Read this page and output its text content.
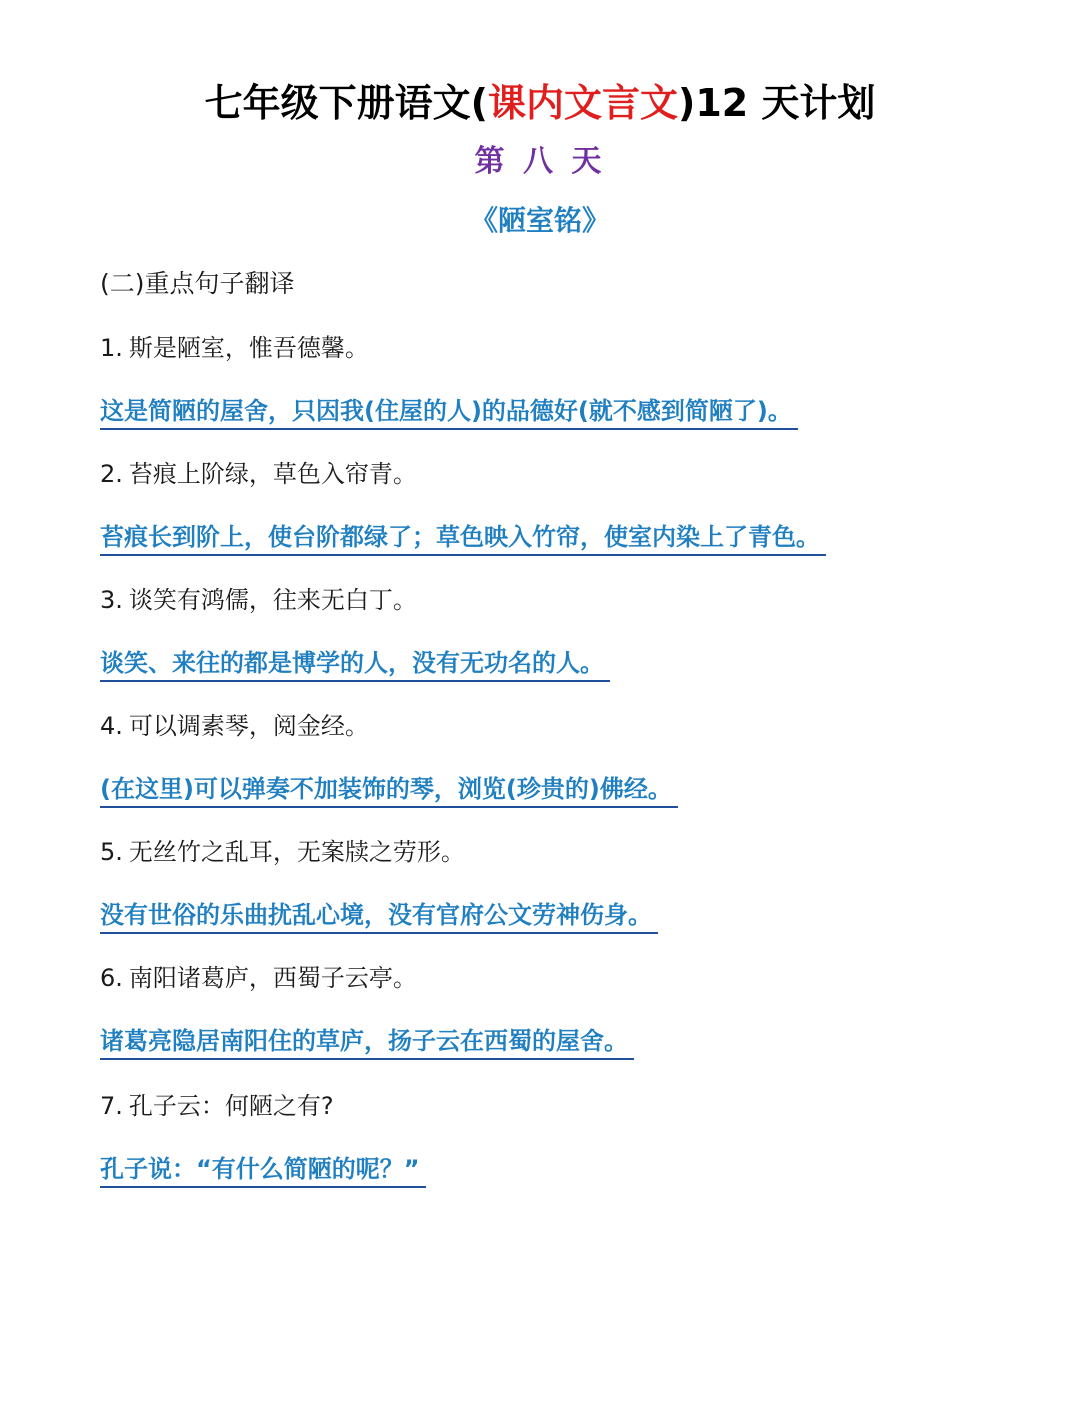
七年级下册语文(课内文言文)12 天计划
第 八 天
《陋室铭》
(二)重点句子翻译
1. 斯是陋室，惟吾德馨。
这是简陋的屋舍，只因我(住屋的人)的品德好(就不感到简陋了)。
2. 苔痕上阶绿，草色入帘青。
苔痕长到阶上，使台阶都绿了；草色映入竹帘，使室内染上了青色。
3. 谈笑有鸿儒，往来无白丁。
谈笑、来往的都是博学的人，没有无功名的人。
4. 可以调素琴，阅金经。
(在这里)可以弹奏不加装饰的琴，浏览(珍贵的)佛经。
5. 无丝竹之乱耳，无案牍之劳形。
没有世俗的乐曲扰乱心境，没有官府公文劳神伤身。
6. 南阳诸葛庐，西蜀子云亭。
诸葛亮隐居南阳住的草庐，扬子云在西蜀的屋舍。
7. 孔子云：何陋之有?
孔子说：“有什么简陋的呢？”
